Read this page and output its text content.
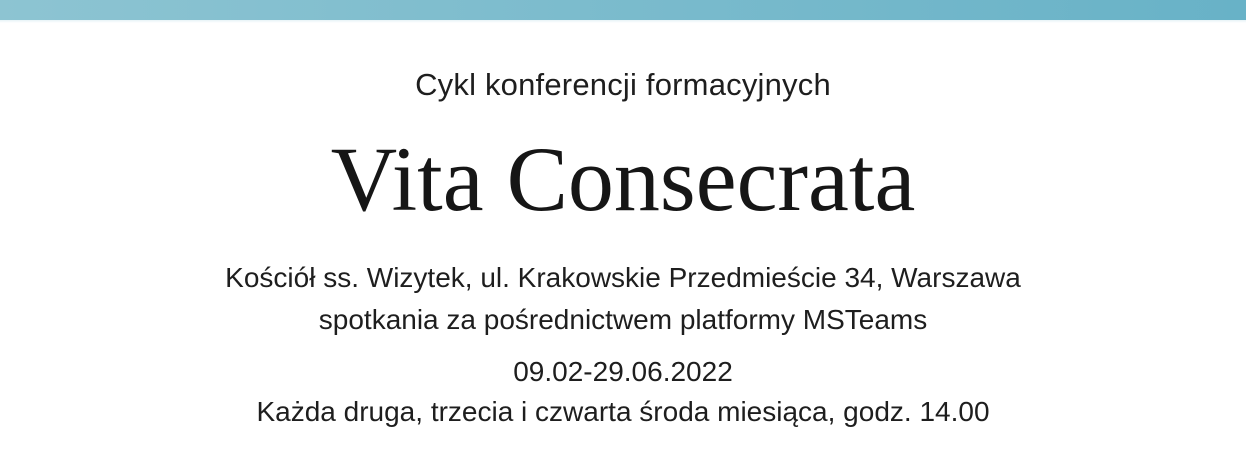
Cykl konferencji formacyjnych
Vita Consecrata
Kościół ss. Wizytek, ul. Krakowskie Przedmieście 34, Warszawa
spotkania za pośrednictwem platformy MSTeams
09.02-29.06.2022
Każda druga, trzecia i czwarta środa miesiąca, godz. 14.00
